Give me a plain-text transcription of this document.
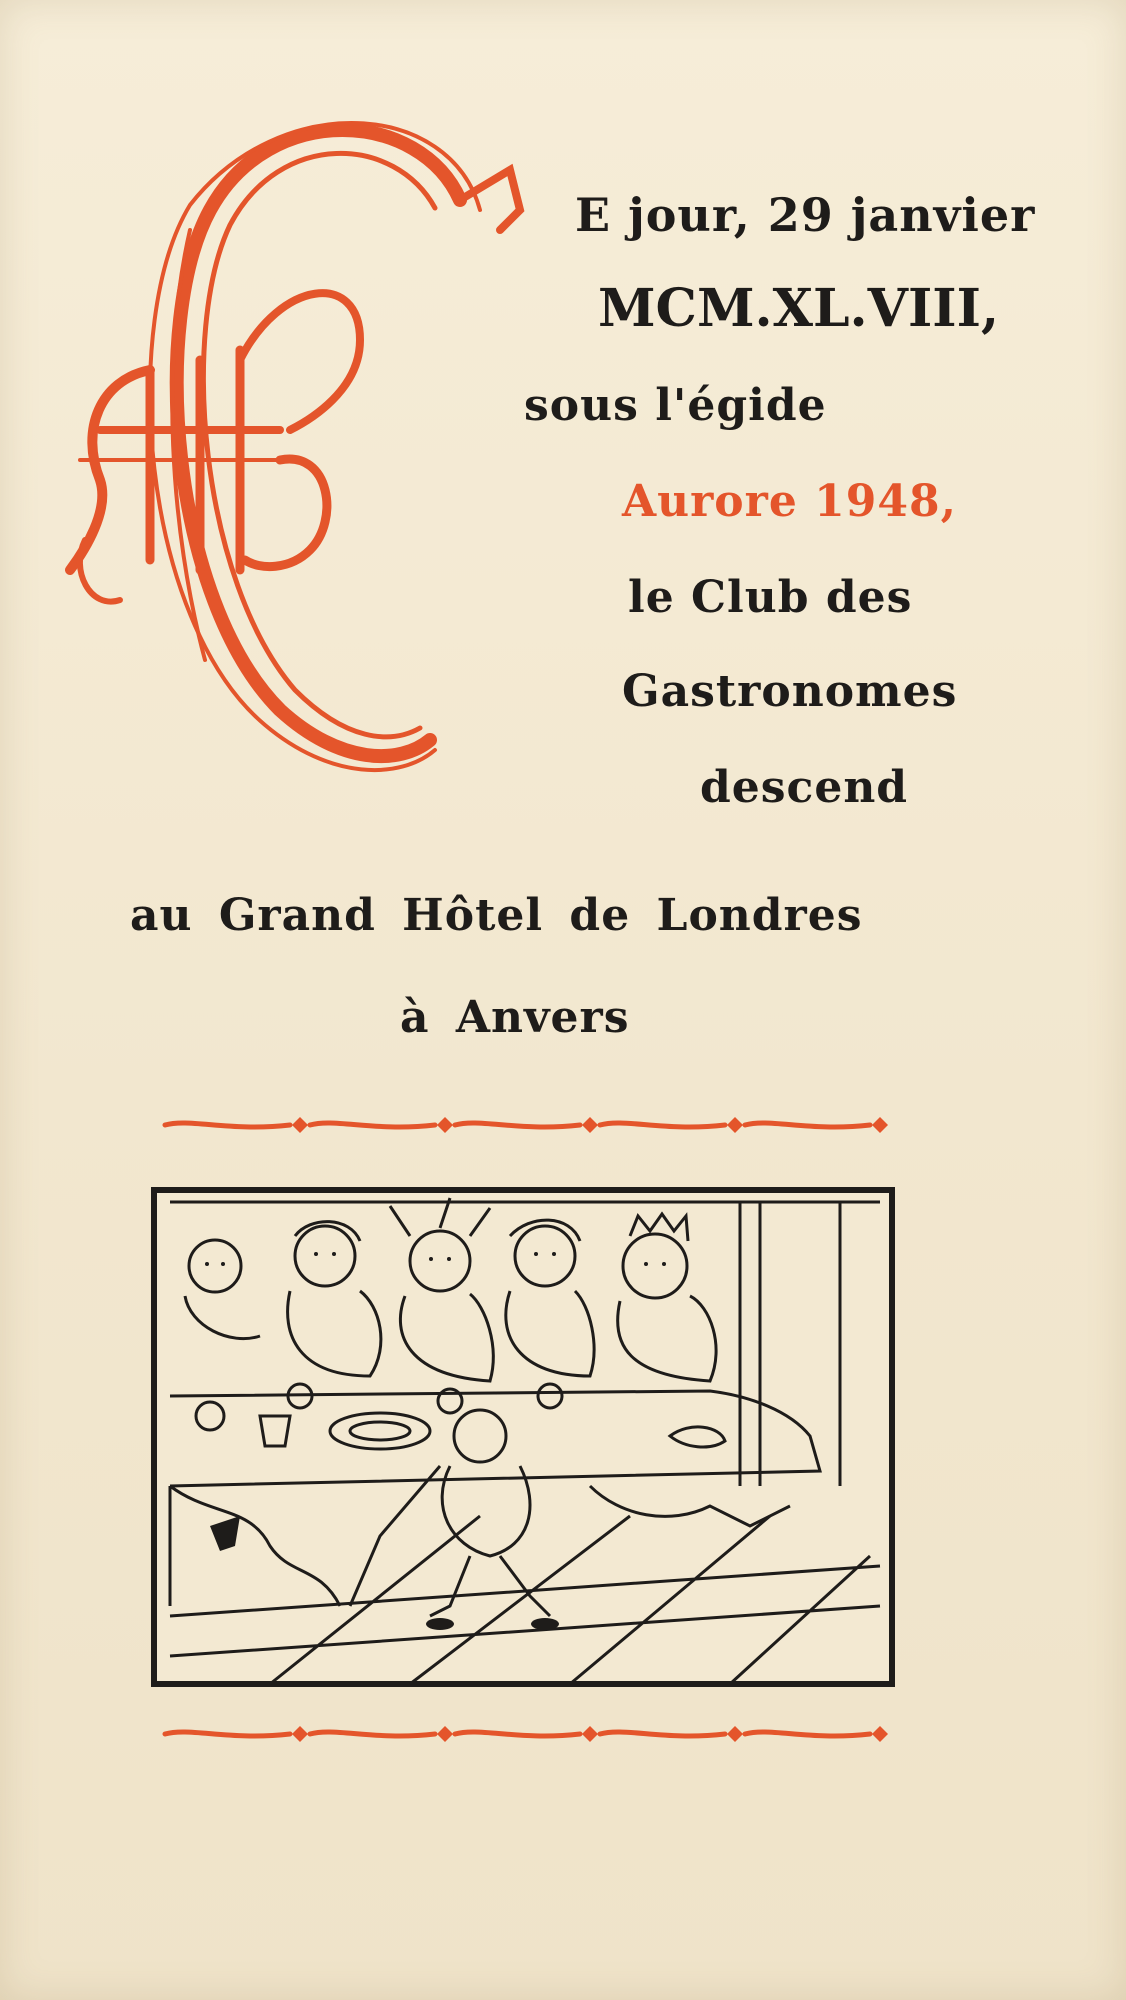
E jour, 29 janvier
MCM.XL.VIII,
sous l'égide
Aurore 1948,
le Club des
Gastronomes
descend
au Grand Hôtel de Londres
à Anvers
